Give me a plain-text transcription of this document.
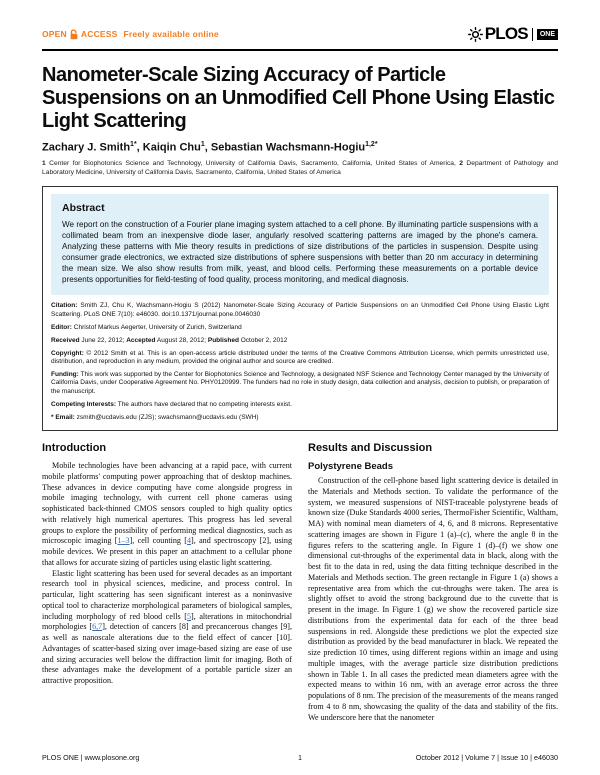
OPEN ACCESS Freely available online	PLOS	ONE
Nanometer-Scale Sizing Accuracy of Particle Suspensions on an Unmodified Cell Phone Using Elastic Light Scattering
Zachary J. Smith$^{1*}$, Kaiqin Chu$^1$, Sebastian Wachsmann-Hogiu$^{1,2*}$
1 Center for Biophotonics Science and Technology, University of California Davis, Sacramento, California, United States of America, 2 Department of Pathology and Laboratory Medicine, University of California Davis, Sacramento, California, United States of America
Abstract
We report on the construction of a Fourier plane imaging system attached to a cell phone. By illuminating particle suspensions with a collimated beam from an inexpensive diode laser, angularly resolved scattering patterns are imaged by the phone's camera. Analyzing these patterns with Mie theory results in predictions of size distributions of the particles in suspension. Despite using consumer grade electronics, we extracted size distributions of sphere suspensions with better than 20 nm accuracy in determining the mean size. We also show results from milk, yeast, and blood cells. Performing these measurements on a portable device presents opportunities for field-testing of food quality, process monitoring, and medical diagnosis.

Citation: Smith ZJ, Chu K, Wachsmann-Hogiu S (2012) Nanometer-Scale Sizing Accuracy of Particle Suspensions on an Unmodified Cell Phone Using Elastic Light Scattering. PLoS ONE 7(10): e46030. doi:10.1371/journal.pone.0046030

Editor: Christof Markus Aegerter, University of Zurich, Switzerland

Received June 22, 2012; Accepted August 28, 2012; Published October 2, 2012

Copyright: © 2012 Smith et al. This is an open-access article distributed under the terms of the Creative Commons Attribution License, which permits unrestricted use, distribution, and reproduction in any medium, provided the original author and source are credited.

Funding: This work was supported by the Center for Biophotonics Science and Technology, a designated NSF Science and Technology Center managed by the University of California Davis, under Cooperative Agreement No. PHY0120999. The funders had no role in study design, data collection and analysis, decision to publish, or preparation of the manuscript.

Competing Interests: The authors have declared that no competing interests exist.

* Email: zsmith@ucdavis.edu (ZJS); swachsmann@ucdavis.edu (SWH)

Introduction

Mobile technologies have been advancing at a rapid pace, with current mobile platforms' computing power approaching that of desktop machines. These advances in device computing have come alongside progress in mobile imaging technology, with current cell phone cameras using sophisticated back-thinned CMOS sensors coupled to high quality optics with relatively high numerical apertures. This progress has led several groups to explore the possibility of performing medical diagnostics, such as microscopic imaging [1–3], cell counting [4], and spectroscopy [2], using mobile devices. We present in this paper an attachment to a cellular phone that allows for accurate sizing of particles using elastic light scattering.

Elastic light scattering has been used for several decades as an important research tool in physical sciences, medicine, and process control. In particular, light scattering has seen significant interest as a noninvasive optical tool to characterize morphological parameters of biological samples, including morphology of red blood cells [5], alterations in mitochondrial morphologies [6,7], detection of cancers [8] and precancerous changes [9], as well as nanoscale alterations due to the field effect of cancer [10]. Advantages of scatter-based sizing over image-based sizing are ease of use and sizing accuracies well below the diffraction limit for imaging. Both of these advantages make the development of a portable particle sizer an attractive proposition.

Results and Discussion
Polystyrene Beads

Construction of the cell-phone based light scattering device is detailed in the Materials and Methods section. To validate the performance of the system, we measured suspensions of NIST-traceable polystyrene beads of known size (Duke Standards 4000 series, ThermoFisher Scientific, Waltham, MA) with nominal mean diameters of 4, 6, and 8 microns. Representative scattering images are shown in Figure 1 (a)–(c), where the angle θ in the figures refers to the scattering angle. In Figure 1 (d)–(f) we show one dimensional cut-throughs of the experimental data in black, along with the best fit to the data in red, using the data fitting technique described in the Materials and Methods section. The green rectangle in Figure 1 (a) shows a representative area from which the cut-throughs were taken. The area is slightly offset to avoid the strong background due to the cuvette that is present in the image. In Figure 1 (g) we show the recovered particle size distributions from the experimental data for each of the three bead suspensions in red. Alongside these predictions we plot the expected size distribution as provided by the bead manufacturer in black. We repeated the size prediction 10 times, using different regions within an image and using multiple images, with the average particle size distribution predictions shown in Table 1. In all cases the predicted mean diameters agree with the expected means to within 16 nm, with an average error across the three populations of 8 nm. The precision of the measurements of the means ranged from 4 to 8 nm, showcasing the quality of the data and stability of the fits. We underscore here that the nanometer

PLOS ONE | www.plosone.org	1	October 2012 | Volume 7 | Issue 10 | e46030
